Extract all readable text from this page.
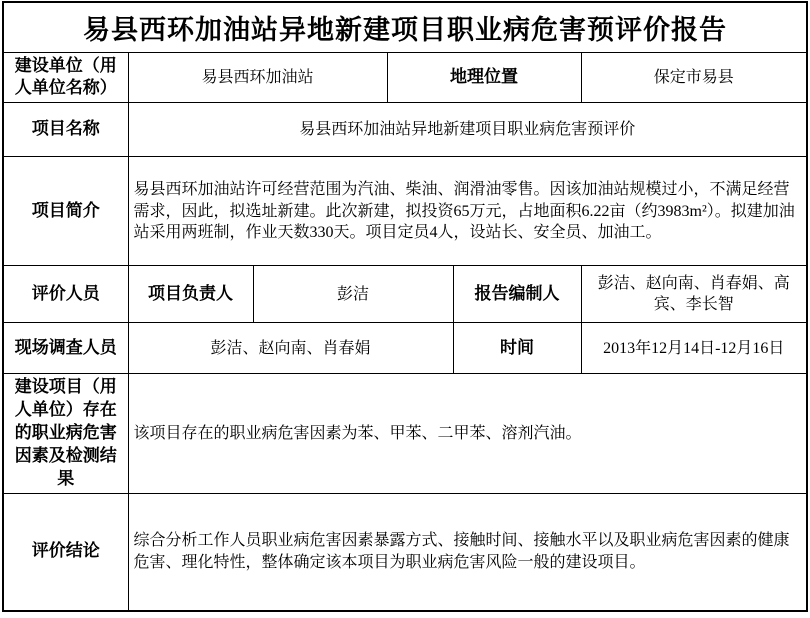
易县西环加油站异地新建项目职业病危害预评价报告					
建设单位（用人单位名称）	易县西环加油站		地理位置		保定市易县
项目名称	易县西环加油站异地新建项目职业病危害预评价				
项目简介	易县西环加油站许可经营范围为汽油、柴油、润滑油零售。因该加油站规模过小，不满足经营需求，因此，拟选址新建。此次新建，拟投资65万元，占地面积6.22亩（约3983m²）。拟建加油站采用两班制，作业天数330天。项目定员4人，设站长、安全员、加油工。				
评价人员	项目负责人	彭洁		报告编制人	彭洁、赵向南、肖春娟、高宾、李长智
现场调查人员	彭洁、赵向南、肖春娟			时间	2013年12月14日-12月16日
建设项目（用人单位）存在的职业病危害因素及检测结果	该项目存在的职业病危害因素为苯、甲苯、二甲苯、溶剂汽油。				
评价结论	综合分析工作人员职业病危害因素暴露方式、接触时间、接触水平以及职业病危害因素的健康危害、理化特性，整体确定该本项目为职业病危害风险一般的建设项目。				
